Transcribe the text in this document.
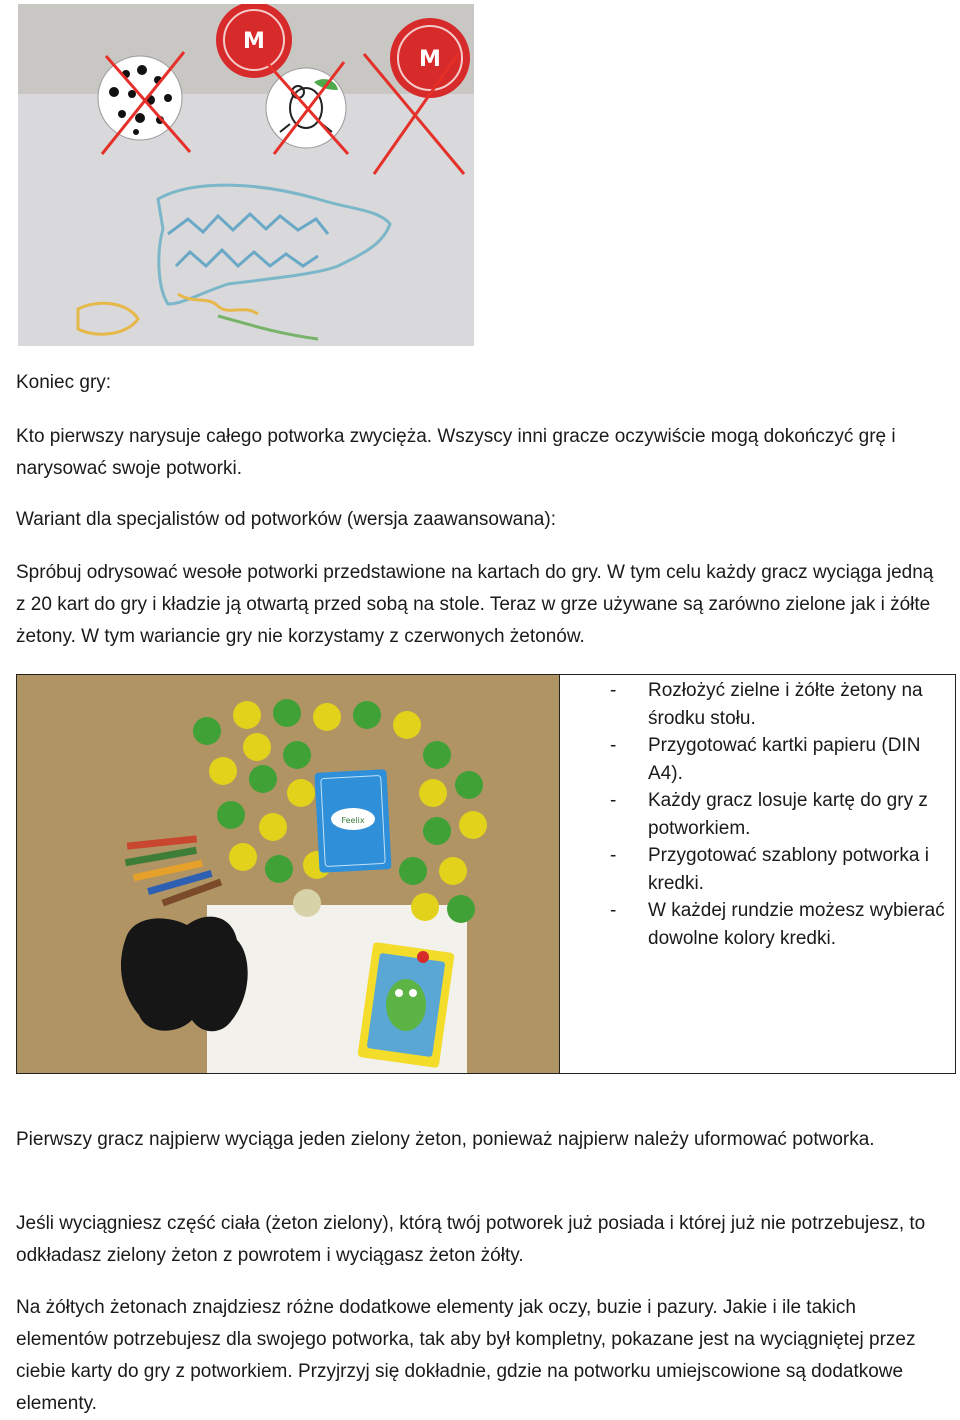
M
M
Koniec gry:

Kto pierwszy narysuje całego potworka zwycięża. Wszyscy inni gracze oczywiście mogą dokończyć grę i narysować swoje potworki.

Wariant dla specjalistów od potworków (wersja zaawansowana):

Spróbuj odrysować wesołe potworki przedstawione na kartach do gry. W tym celu każdy gracz wyciąga jedną z 20 kart do gry i kładzie ją otwartą przed sobą na stole. Teraz w grze używane są zarówno zielone jak i żółte żetony. W tym wariancie gry nie korzystamy z czerwonych żetonów.

Feelix
- Rozłożyć zielne i żółte żetony na środku stołu.
- Przygotować kartki papieru (DIN A4).
- Każdy gracz losuje kartę do gry z potworkiem.
- Przygotować szablony potworka i kredki.
- W każdej rundzie możesz wybierać dowolne kolory kredki.

Pierwszy gracz najpierw wyciąga jeden zielony żeton, ponieważ najpierw należy uformować potworka.

Jeśli wyciągniesz część ciała (żeton zielony), którą twój potworek już posiada i której już nie potrzebujesz, to odkładasz zielony żeton z powrotem i wyciągasz żeton żółty.

Na żółtych żetonach znajdziesz różne dodatkowe elementy jak oczy, buzie i pazury. Jakie i ile takich elementów potrzebujesz dla swojego potworka, tak aby był kompletny, pokazane jest na wyciągniętej przez ciebie karty do gry z potworkiem. Przyjrzyj się dokładnie, gdzie na potworku umiejscowione są dodatkowe elementy.
